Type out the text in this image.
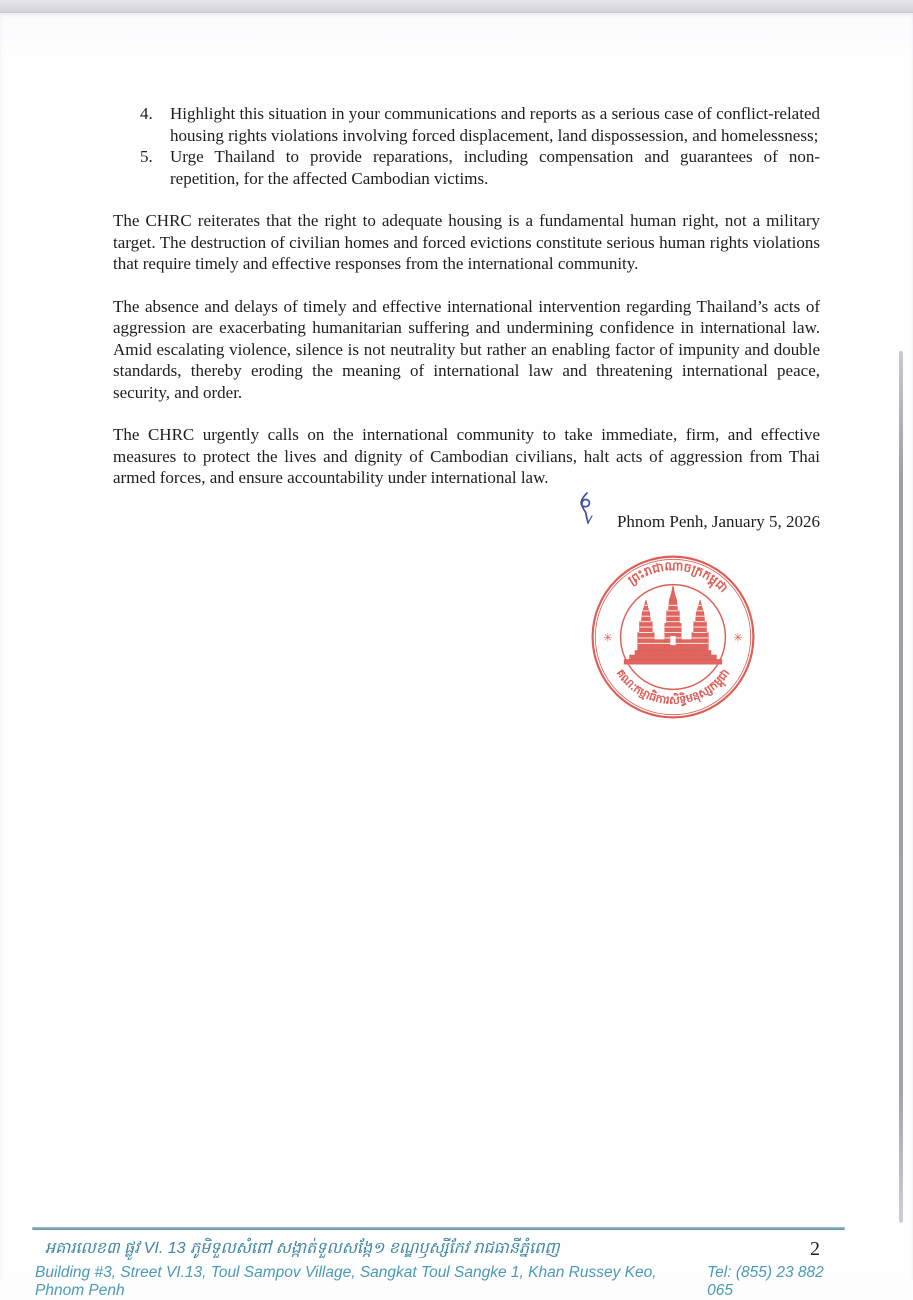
4.	Highlight this situation in your communications and reports as a serious case of conflict-related housing rights violations involving forced displacement, land dispossession, and homelessness;

5.	Urge Thailand to provide reparations, including compensation and guarantees of non-repetition, for the affected Cambodian victims.

The CHRC reiterates that the right to adequate housing is a fundamental human right, not a military target. The destruction of civilian homes and forced evictions constitute serious human rights violations that require timely and effective responses from the international community.

The absence and delays of timely and effective international intervention regarding Thailand’s acts of aggression are exacerbating humanitarian suffering and undermining confidence in international law. Amid escalating violence, silence is not neutrality but rather an enabling factor of impunity and double standards, thereby eroding the meaning of international law and threatening international peace, security, and order.

The CHRC urgently calls on the international community to take immediate, firm, and effective measures to protect the lives and dignity of Cambodian civilians, halt acts of aggression from Thai armed forces, and ensure accountability under international law.

Phnom Penh, January 5, 2026

ព្រះរាជាណាចក្រកម្ពុជា
គណៈកម្មាធិការសិទ្ធិមនុស្សកម្ពុជា
✳	✳
អគារលេខ៣ ផ្លូវ VI. 13 ភូមិទួលសំពៅ សង្កាត់ទួលសង្កែ១ ខណ្ឌឫស្សីកែវ រាជធានីភ្នំពេញ	2
Building #3, Street VI.13, Toul Sampov Village, Sangkat Toul Sangke 1, Khan Russey Keo, Phnom Penh
Tel: (855) 23 882 065
